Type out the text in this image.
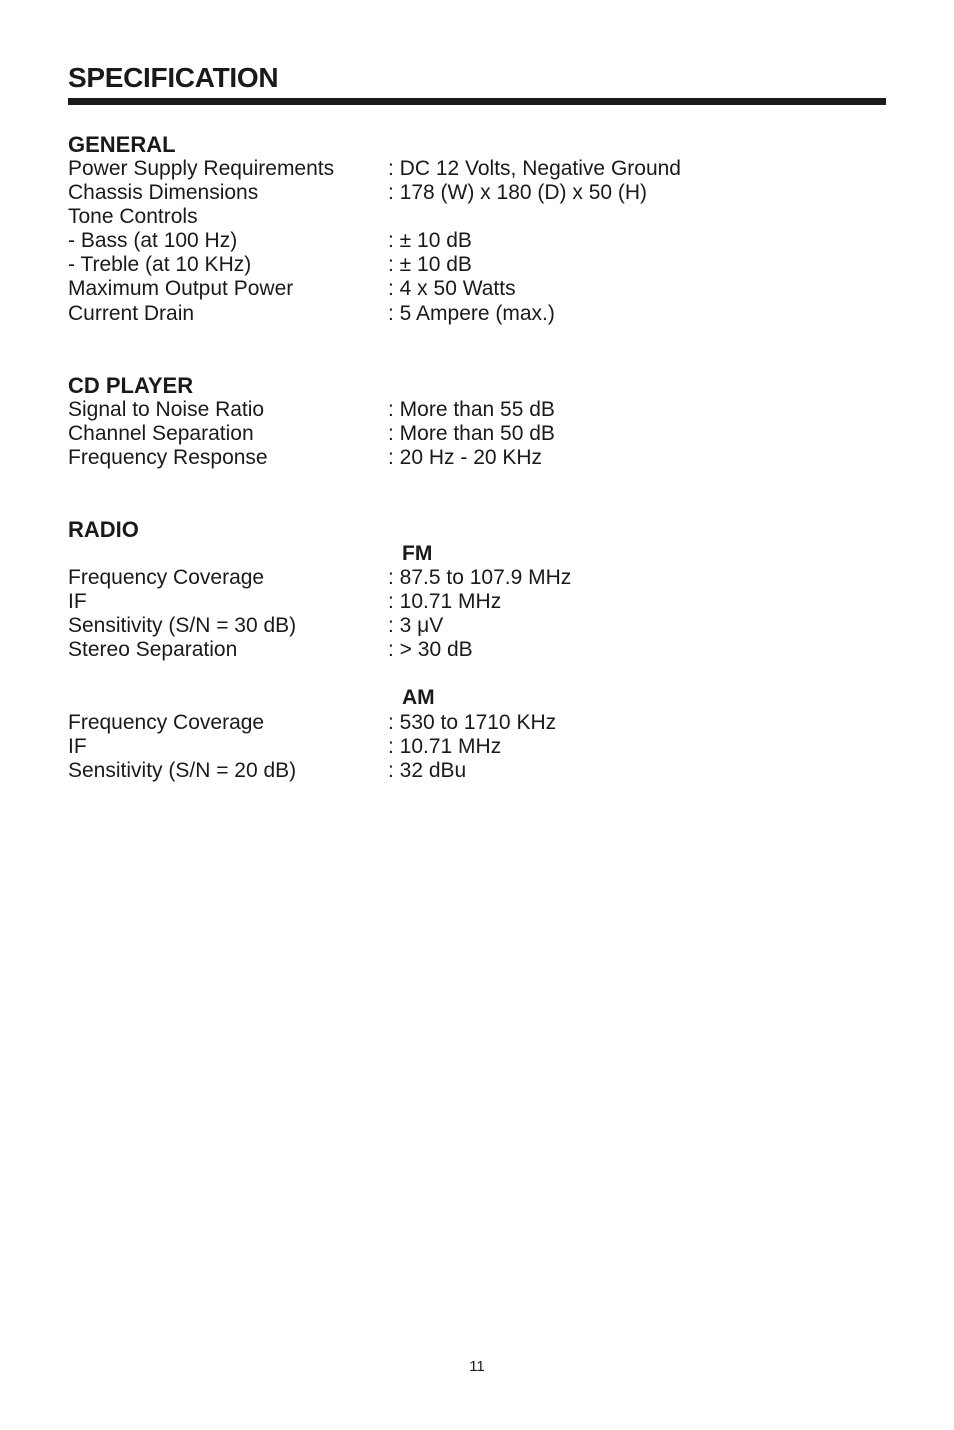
SPECIFICATION
GENERAL
Power Supply Requirements	: DC 12 Volts, Negative Ground
Chassis Dimensions	: 178 (W) x 180 (D) x 50 (H)
Tone Controls
- Bass (at 100 Hz)	: ± 10 dB
- Treble (at 10 KHz)	: ± 10 dB
Maximum Output Power	: 4 x 50 Watts
Current Drain	: 5 Ampere (max.)
CD PLAYER
Signal to Noise Ratio	: More than 55 dB
Channel Separation	: More than 50 dB
Frequency Response	: 20 Hz - 20 KHz
RADIO
FM
Frequency Coverage	: 87.5 to 107.9 MHz
IF	: 10.71 MHz
Sensitivity (S/N = 30 dB)	: 3 μV
Stereo Separation	: > 30 dB
AM
Frequency Coverage	: 530 to 1710 KHz
IF	: 10.71 MHz
Sensitivity (S/N = 20 dB)	: 32 dBu
11
